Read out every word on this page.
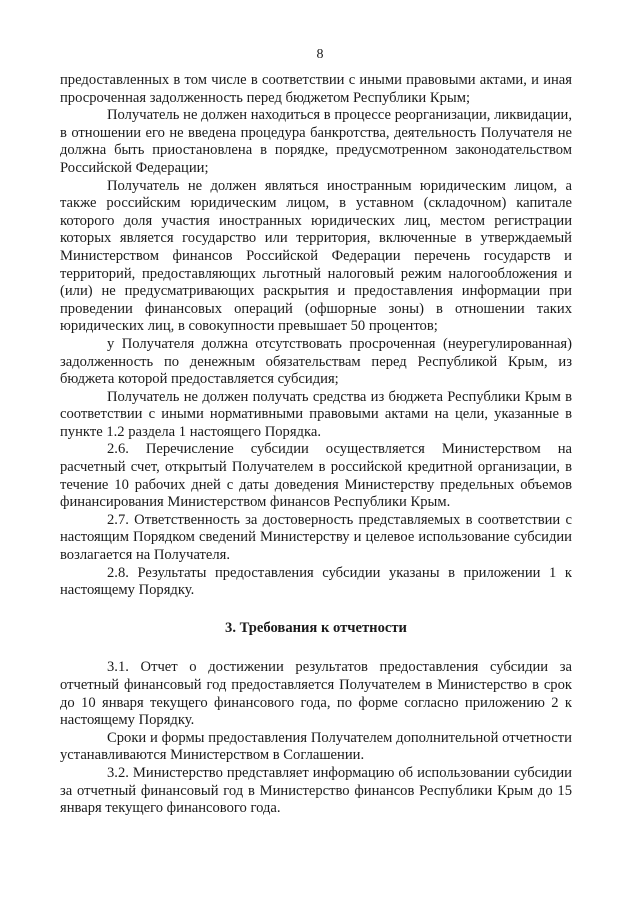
8

предоставленных в том числе в соответствии с иными правовыми актами, и иная просроченная задолженность перед бюджетом Республики Крым;

Получатель не должен находиться в процессе реорганизации, ликвидации, в отношении его не введена процедура банкротства, деятельность Получателя не должна быть приостановлена в порядке, предусмотренном законодательством Российской Федерации;

Получатель не должен являться иностранным юридическим лицом, а также российским юридическим лицом, в уставном (складочном) капитале которого доля участия иностранных юридических лиц, местом регистрации которых является государство или территория, включенные в утверждаемый Министерством финансов Российской Федерации перечень государств и территорий, предоставляющих льготный налоговый режим налогообложения и (или) не предусматривающих раскрытия и предоставления информации при проведении финансовых операций (офшорные зоны) в отношении таких юридических лиц, в совокупности превышает 50 процентов;

у Получателя должна отсутствовать просроченная (неурегулированная) задолженность по денежным обязательствам перед Республикой Крым, из бюджета которой предоставляется субсидия;

Получатель не должен получать средства из бюджета Республики Крым в соответствии с иными нормативными правовыми актами на цели, указанные в пункте 1.2 раздела 1 настоящего Порядка.

2.6. Перечисление субсидии осуществляется Министерством на расчетный счет, открытый Получателем в российской кредитной организации, в течение 10 рабочих дней с даты доведения Министерству предельных объемов финансирования Министерством финансов Республики Крым.

2.7. Ответственность за достоверность представляемых в соответствии с настоящим Порядком сведений Министерству и целевое использование субсидии возлагается на Получателя.

2.8. Результаты предоставления субсидии указаны в приложении 1 к настоящему Порядку.

3. Требования к отчетности

3.1. Отчет о достижении результатов предоставления субсидии за отчетный финансовый год предоставляется Получателем в Министерство в срок до 10 января текущего финансового года, по форме согласно приложению 2 к настоящему Порядку.

Сроки и формы предоставления Получателем дополнительной отчетности устанавливаются Министерством в Соглашении.

3.2. Министерство представляет информацию об использовании субсидии за отчетный финансовый год в Министерство финансов Республики Крым до 15 января текущего финансового года.
